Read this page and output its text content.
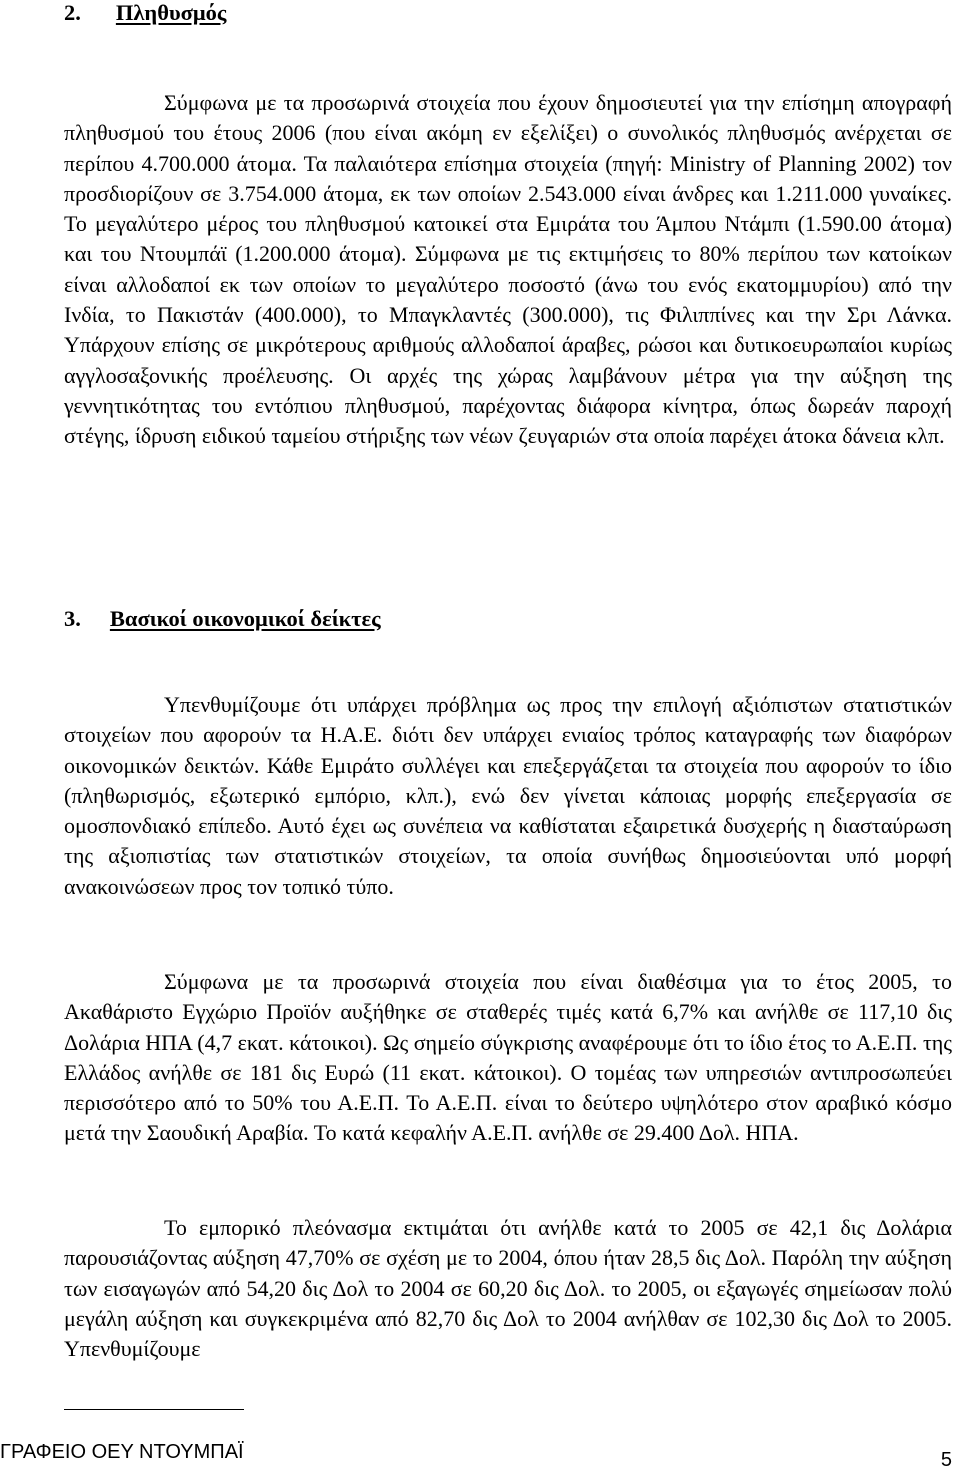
2. Πληθυσμός

Σύμφωνα με τα προσωρινά στοιχεία που έχουν δημοσιευτεί για την επίσημη απογραφή πληθυσμού του έτους 2006 (που είναι ακόμη εν εξελίξει) ο συνολικός πληθυσμός ανέρχεται σε περίπου 4.700.000 άτομα. Τα παλαιότερα επίσημα στοιχεία (πηγή: Ministry of Planning 2002) τον προσδιορίζουν σε 3.754.000 άτομα, εκ των οποίων 2.543.000 είναι άνδρες και 1.211.000 γυναίκες. Το μεγαλύτερο μέρος του πληθυσμού κατοικεί στα Εμιράτα του Άμπου Ντάμπι (1.590.00 άτομα) και του Ντουμπάϊ (1.200.000 άτομα). Σύμφωνα με τις εκτιμήσεις το 80% περίπου των κατοίκων είναι αλλοδαποί εκ των οποίων το μεγαλύτερο ποσοστό (άνω του ενός εκατομμυρίου) από την Ινδία, το Πακιστάν (400.000), το Μπαγκλαντές (300.000), τις Φιλιππίνες και την Σρι Λάνκα. Υπάρχουν επίσης σε μικρότερους αριθμούς αλλοδαποί άραβες, ρώσοι και δυτικοευρωπαίοι κυρίως αγγλοσαξονικής προέλευσης. Οι αρχές της χώρας λαμβάνουν μέτρα για την αύξηση της γεννητικότητας του εντόπιου πληθυσμού, παρέχοντας διάφορα κίνητρα, όπως δωρεάν παροχή στέγης, ίδρυση ειδικού ταμείου στήριξης των νέων ζευγαριών στα οποία παρέχει άτοκα δάνεια κλπ.

3. Βασικοί οικονομικοί δείκτες

Υπενθυμίζουμε ότι υπάρχει πρόβλημα ως προς την επιλογή αξιόπιστων στατιστικών στοιχείων που αφορούν τα Η.Α.Ε. διότι δεν υπάρχει ενιαίος τρόπος καταγραφής των διαφόρων οικονομικών δεικτών. Κάθε Εμιράτο συλλέγει και επεξεργάζεται τα στοιχεία που αφορούν το ίδιο (πληθωρισμός, εξωτερικό εμπόριο, κλπ.), ενώ δεν γίνεται κάποιας μορφής επεξεργασία σε ομοσπονδιακό επίπεδο. Αυτό έχει ως συνέπεια να καθίσταται εξαιρετικά δυσχερής η διασταύρωση της αξιοπιστίας των στατιστικών στοιχείων, τα οποία συνήθως δημοσιεύονται υπό μορφή ανακοινώσεων προς τον τοπικό τύπο.

Σύμφωνα με τα προσωρινά στοιχεία που είναι διαθέσιμα για το έτος 2005, το Ακαθάριστο Εγχώριο Προϊόν αυξήθηκε σε σταθερές τιμές κατά 6,7% και ανήλθε σε 117,10 δις Δολάρια ΗΠΑ (4,7 εκατ. κάτοικοι). Ως σημείο σύγκρισης αναφέρουμε ότι το ίδιο έτος το Α.Ε.Π. της Ελλάδος ανήλθε σε 181 δις Ευρώ (11 εκατ. κάτοικοι). Ο τομέας των υπηρεσιών αντιπροσωπεύει περισσότερο από το 50% του Α.Ε.Π. Το Α.Ε.Π. είναι το δεύτερο υψηλότερο στον αραβικό κόσμο μετά την Σαουδική Αραβία. Το κατά κεφαλήν Α.Ε.Π. ανήλθε σε 29.400 Δολ. ΗΠΑ.

Το εμπορικό πλεόνασμα εκτιμάται ότι ανήλθε κατά το 2005 σε 42,1 δις Δολάρια παρουσιάζοντας αύξηση 47,70% σε σχέση με το 2004, όπου ήταν 28,5 δις Δολ. Παρόλη την αύξηση των εισαγωγών από 54,20 δις Δολ το 2004 σε 60,20 δις Δολ. το 2005, οι εξαγωγές σημείωσαν πολύ μεγάλη αύξηση και συγκεκριμένα από 82,70 δις Δολ το 2004 ανήλθαν σε 102,30 δις Δολ το 2005. Υπενθυμίζουμε

ΓΡΑΦΕΙΟ ΟΕΥ ΝΤΟΥΜΠΑΪ	5
